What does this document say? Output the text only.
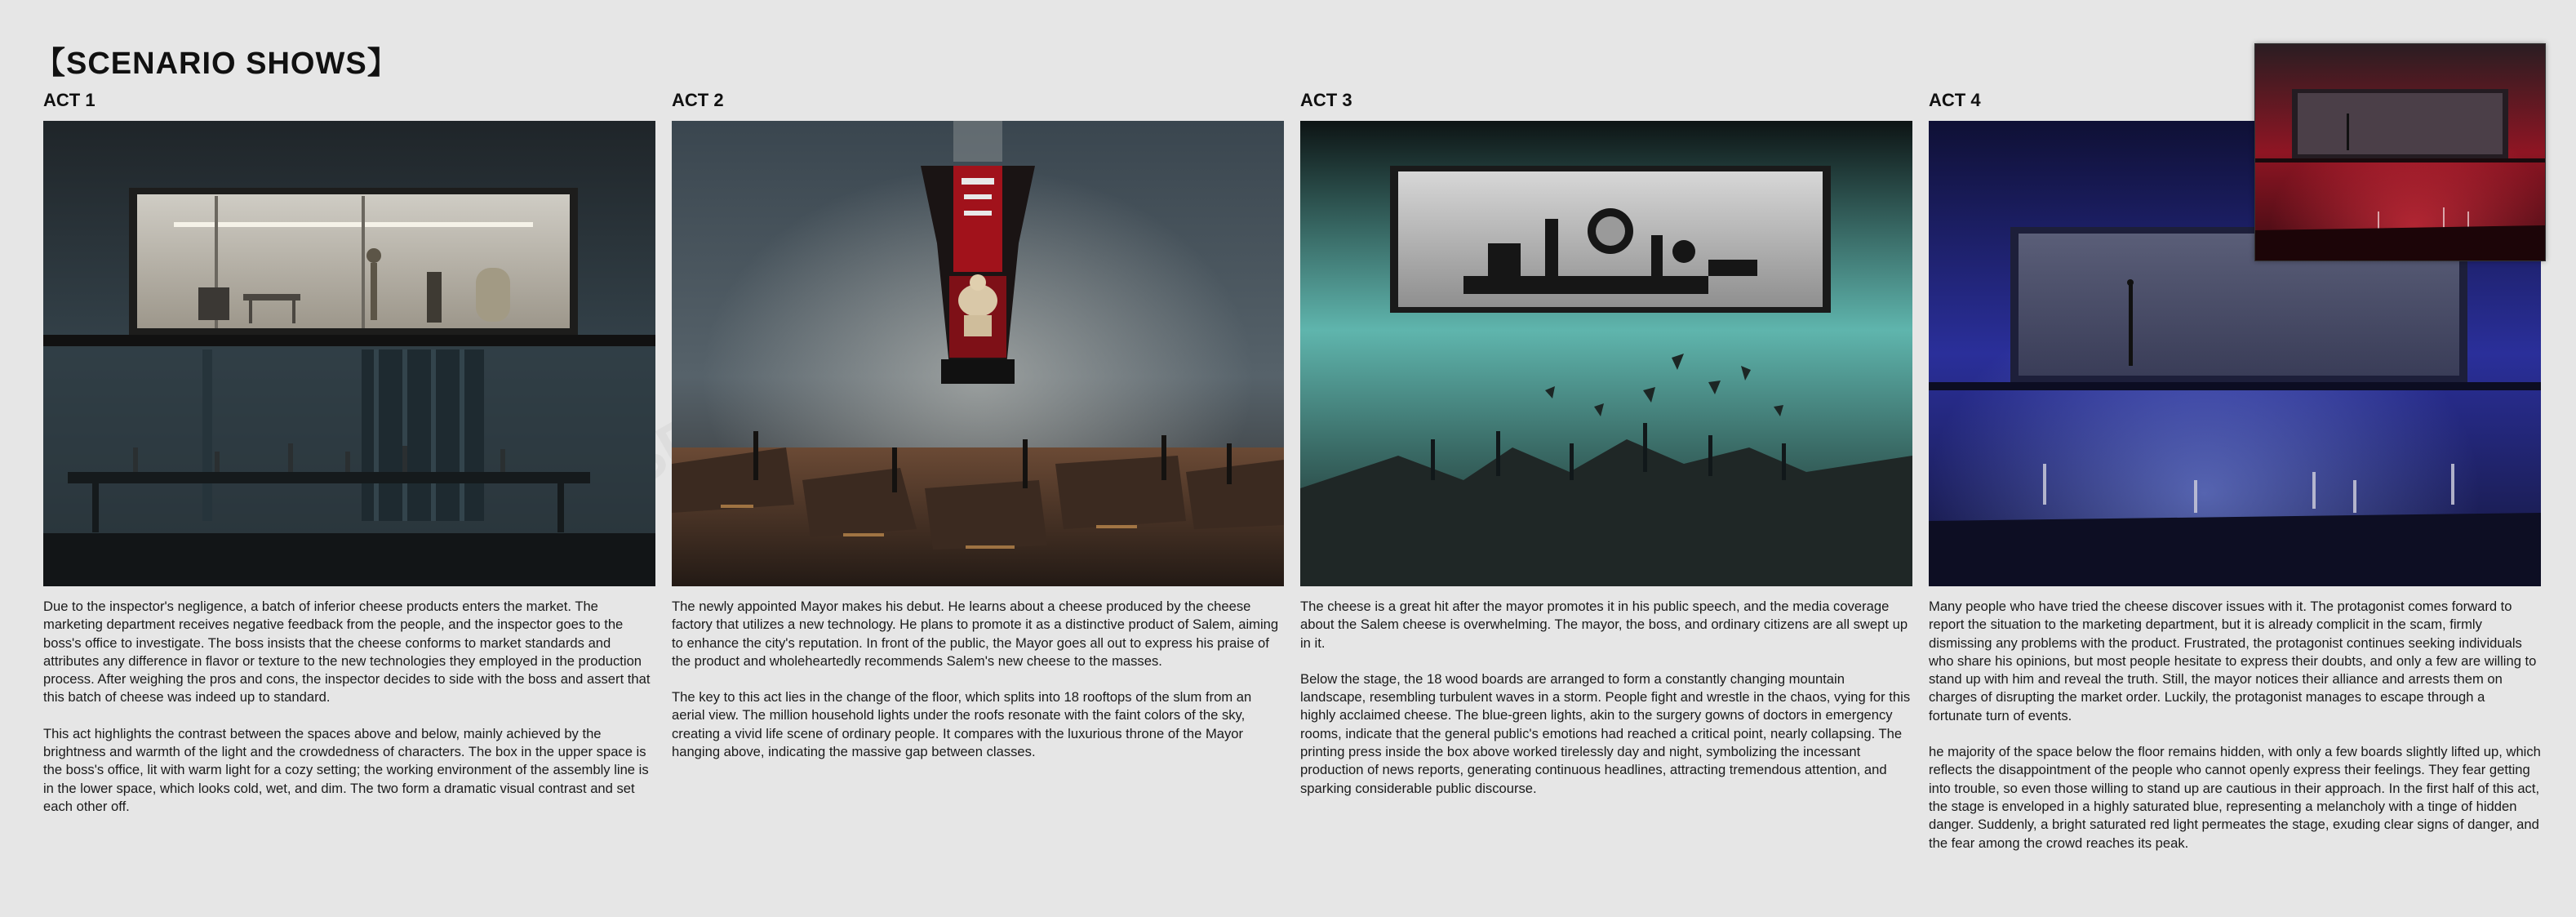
【SCENARIO SHOWS】
ACT 1

Due to the inspector's negligence, a batch of inferior cheese products enters the market. The marketing department receives negative feedback from the people, and the inspector goes to the boss's office to investigate. The boss insists that the cheese conforms to market standards and attributes any difference in flavor or texture to the new technologies they employed in the production process. After weighing the pros and cons, the inspector decides to side with the boss and assert that this batch of cheese was indeed up to standard.

This act highlights the contrast between the spaces above and below, mainly achieved by the brightness and warmth of the light and the crowdedness of characters. The box in the upper space is the boss's office, lit with warm light for a cozy setting; the working environment of the assembly line is in the lower space, which looks cold, wet, and dim. The two form a dramatic visual contrast and set each other off.

ACT 2

The newly appointed Mayor makes his debut. He learns about a cheese produced by the cheese factory that utilizes a new technology. He plans to promote it as a distinctive product of Salem, aiming to enhance the city's reputation. In front of the public, the Mayor goes all out to express his praise of the product and wholeheartedly recommends Salem's new cheese to the masses.

The key to this act lies in the change of the floor, which splits into 18 rooftops of the slum from an aerial view. The million household lights under the roofs resonate with the faint colors of the sky, creating a vivid life scene of ordinary people. It compares with the luxurious throne of the Mayor hanging above, indicating the massive gap between classes.

ACT 3

The cheese is a great hit after the mayor promotes it in his public speech, and the media coverage about the Salem cheese is overwhelming. The mayor, the boss, and ordinary citizens are all swept up in it.

Below the stage, the 18 wood boards are arranged to form a constantly changing mountain landscape, resembling turbulent waves in a storm. People fight and wrestle in the chaos, vying for this highly acclaimed cheese. The blue-green lights, akin to the surgery gowns of doctors in emergency rooms, indicate that the general public's emotions had reached a critical point, nearly collapsing. The printing press inside the box above worked tirelessly day and night, symbolizing the incessant production of news reports, generating continuous headlines, attracting tremendous attention, and sparking considerable public discourse.

ACT 4

Many people who have tried the cheese discover issues with it. The protagonist comes forward to report the situation to the marketing department, but it is already complicit in the scam, firmly dismissing any problems with the product. Frustrated, the protagonist continues seeking individuals who share his opinions, but most people hesitate to express their doubts, and only a few are willing to stand up with him and reveal the truth. Still, the mayor notices their alliance and arrests them on charges of disrupting the market order. Luckily, the protagonist manages to escape through a fortunate turn of events.

he majority of the space below the floor remains hidden, with only a few boards slightly lifted up, which reflects the disappointment of the people who cannot openly express their feelings. They fear getting into trouble, so even those willing to stand up are cautious in their approach. In the first half of this act, the stage is enveloped in a highly saturated blue, representing a melancholy with a tinge of hidden danger. Suddenly, a bright saturated red light permeates the stage, exuding clear signs of danger, and the fear among the crowd reaches its peak.
